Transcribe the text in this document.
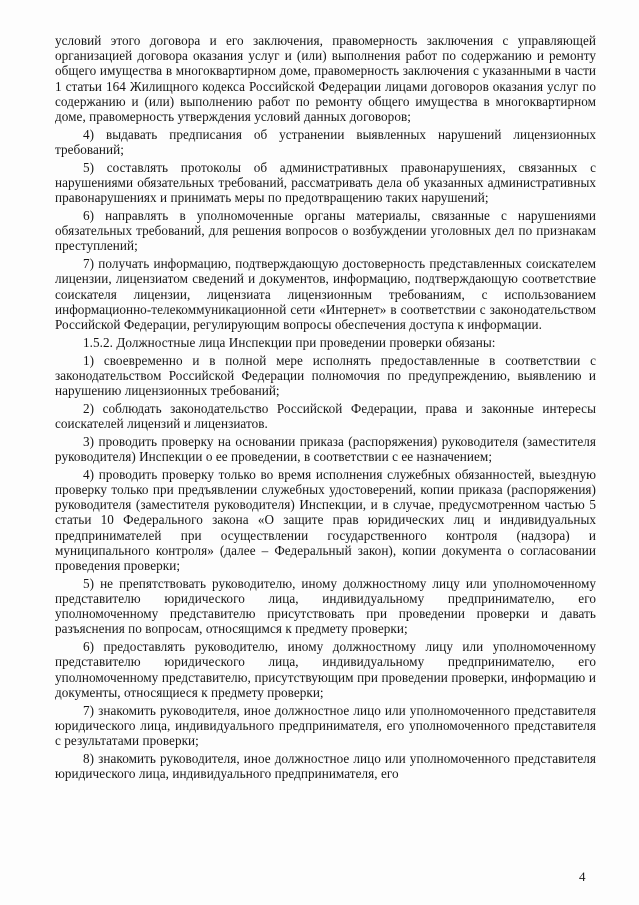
условий этого договора и его заключения, правомерность заключения с управляющей организацией договора оказания услуг и (или) выполнения работ по содержанию и ремонту общего имущества в многоквартирном доме, правомерность заключения с указанными в части 1 статьи 164 Жилищного кодекса Российской Федерации лицами договоров оказания услуг по содержанию и (или) выполнению работ по ремонту общего имущества в многоквартирном доме, правомерность утверждения условий данных договоров;

4) выдавать предписания об устранении выявленных нарушений лицензионных требований;

5) составлять протоколы об административных правонарушениях, связанных с нарушениями обязательных требований, рассматривать дела об указанных административных правонарушениях и принимать меры по предотвращению таких нарушений;

6) направлять в уполномоченные органы материалы, связанные с нарушениями обязательных требований, для решения вопросов о возбуждении уголовных дел по признакам преступлений;

7) получать информацию, подтверждающую достоверность представленных соискателем лицензии, лицензиатом сведений и документов, информацию, подтверждающую соответствие соискателя лицензии, лицензиата лицензионным требованиям, с использованием информационно-телекоммуникационной сети «Интернет» в соответствии с законодательством Российской Федерации, регулирующим вопросы обеспечения доступа к информации.

1.5.2. Должностные лица Инспекции при проведении проверки обязаны:

1) своевременно и в полной мере исполнять предоставленные в соответствии с законодательством Российской Федерации полномочия по предупреждению, выявлению и нарушению лицензионных требований;

2) соблюдать законодательство Российской Федерации, права и законные интересы соискателей лицензий и лицензиатов.

3) проводить проверку на основании приказа (распоряжения) руководителя (заместителя руководителя) Инспекции о ее проведении, в соответствии с ее назначением;

4) проводить проверку только во время исполнения служебных обязанностей, выездную проверку только при предъявлении служебных удостоверений, копии приказа (распоряжения) руководителя (заместителя руководителя) Инспекции, и в случае, предусмотренном частью 5 статьи 10 Федерального закона «О защите прав юридических лиц и индивидуальных предпринимателей при осуществлении государственного контроля (надзора) и муниципального контроля» (далее – Федеральный закон), копии документа о согласовании проведения проверки;

5) не препятствовать руководителю, иному должностному лицу или уполномоченному представителю юридического лица, индивидуальному предпринимателю, его уполномоченному представителю присутствовать при проведении проверки и давать разъяснения по вопросам, относящимся к предмету проверки;

6) предоставлять руководителю, иному должностному лицу или уполномоченному представителю юридического лица, индивидуальному предпринимателю, его уполномоченному представителю, присутствующим при проведении проверки, информацию и документы, относящиеся к предмету проверки;

7) знакомить руководителя, иное должностное лицо или уполномоченного представителя юридического лица, индивидуального предпринимателя, его уполномоченного представителя с результатами проверки;

8) знакомить руководителя, иное должностное лицо или уполномоченного представителя юридического лица, индивидуального предпринимателя, его

4
